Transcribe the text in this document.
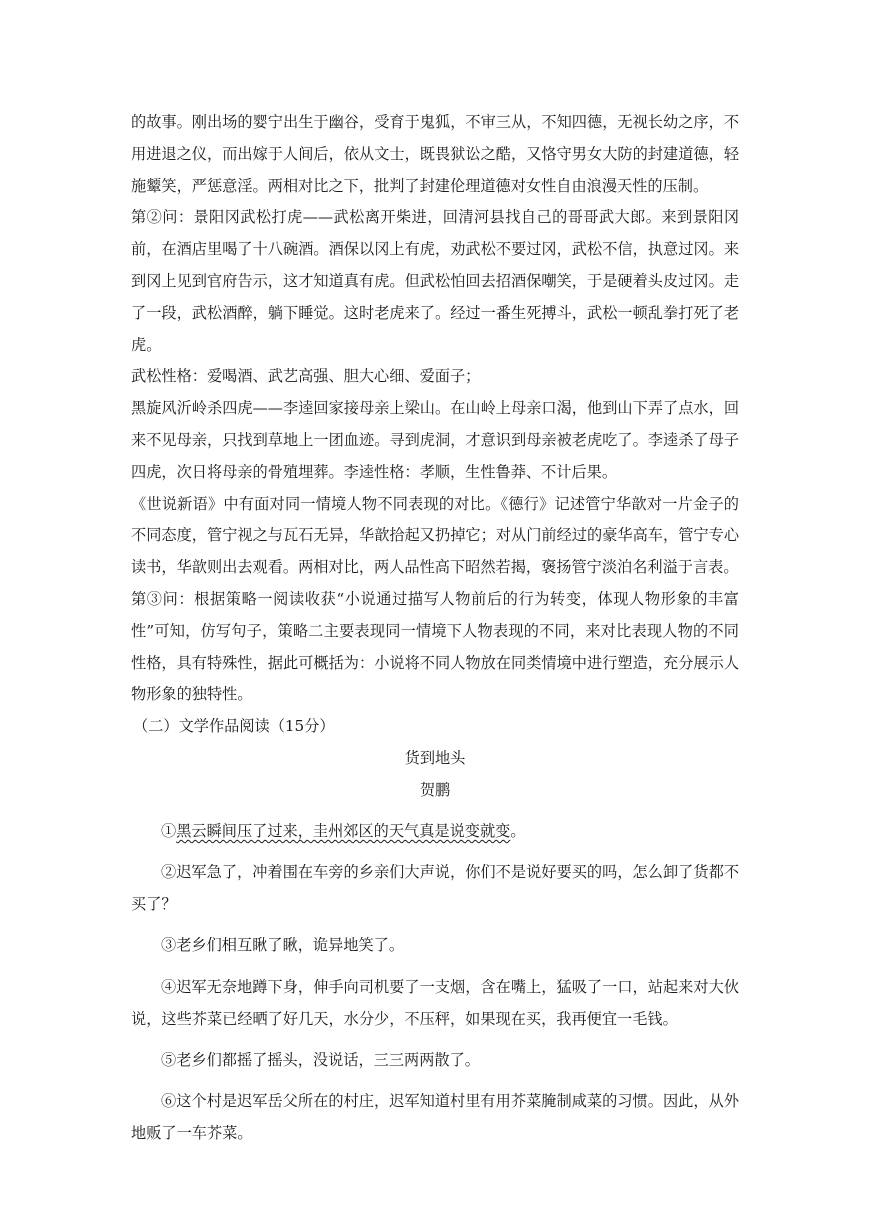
的故事。刚出场的婴宁出生于幽谷，受育于鬼狐，不审三从，不知四德，无视长幼之序，不用进退之仪，而出嫁于人间后，依从文士，既畏狱讼之酷，又恪守男女大防的封建道德，轻施颦笑，严惩意淫。两相对比之下，批判了封建伦理道德对女性自由浪漫天性的压制。

第②问：景阳冈武松打虎——武松离开柴进，回清河县找自己的哥哥武大郎。来到景阳冈前，在酒店里喝了十八碗酒。酒保以冈上有虎，劝武松不要过冈，武松不信，执意过冈。来到冈上见到官府告示，这才知道真有虎。但武松怕回去招酒保嘲笑，于是硬着头皮过冈。走了一段，武松酒醉，躺下睡觉。这时老虎来了。经过一番生死搏斗，武松一顿乱拳打死了老虎。

武松性格：爱喝酒、武艺高强、胆大心细、爱面子；

黑旋风沂岭杀四虎——李逵回家接母亲上梁山。在山岭上母亲口渴，他到山下弄了点水，回来不见母亲，只找到草地上一团血迹。寻到虎洞，才意识到母亲被老虎吃了。李逵杀了母子四虎，次日将母亲的骨殖埋葬。李逵性格：孝顺，生性鲁莽、不计后果。

《世说新语》中有面对同一情境人物不同表现的对比。《德行》记述管宁华歆对一片金子的不同态度，管宁视之与瓦石无异，华歆拾起又扔掉它；对从门前经过的豪华高车，管宁专心读书，华歆则出去观看。两相对比，两人品性高下昭然若揭，褒扬管宁淡泊名利溢于言表。

第③问：根据策略一阅读收获“小说通过描写人物前后的行为转变，体现人物形象的丰富性”可知，仿写句子，策略二主要表现同一情境下人物表现的不同，来对比表现人物的不同性格，具有特殊性，据此可概括为：小说将不同人物放在同类情境中进行塑造，充分展示人物形象的独特性。

（二）文学作品阅读（15分）

货到地头

贺鹏

①黑云瞬间压了过来，圭州郊区的天气真是说变就变。

②迟军急了，冲着围在车旁的乡亲们大声说，你们不是说好要买的吗，怎么卸了货都不买了？

③老乡们相互瞅了瞅，诡异地笑了。

④迟军无奈地蹲下身，伸手向司机要了一支烟，含在嘴上，猛吸了一口，站起来对大伙说，这些芥菜已经晒了好几天，水分少，不压秤，如果现在买，我再便宜一毛钱。

⑤老乡们都摇了摇头，没说话，三三两两散了。

⑥这个村是迟军岳父所在的村庄，迟军知道村里有用芥菜腌制咸菜的习惯。因此，从外地贩了一车芥菜。
